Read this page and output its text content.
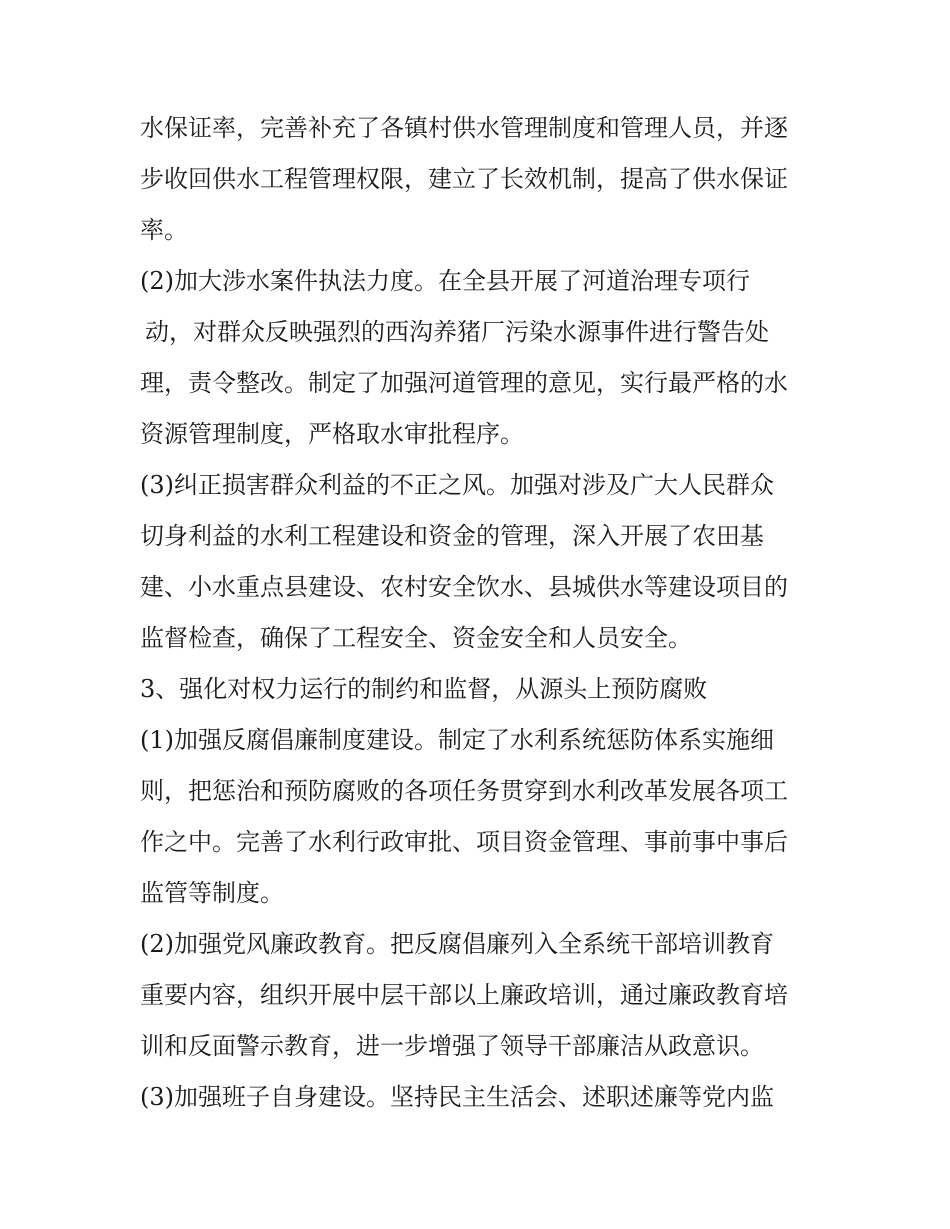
水保证率，完善补充了各镇村供水管理制度和管理人员，并逐
步收回供水工程管理权限，建立了长效机制，提高了供水保证
率。
(2)加大涉水案件执法力度。在全县开展了河道治理专项行
动，对群众反映强烈的西沟养猪厂污染水源事件进行警告处
理，责令整改。制定了加强河道管理的意见，实行最严格的水
资源管理制度，严格取水审批程序。
(3)纠正损害群众利益的不正之风。加强对涉及广大人民群众
切身利益的水利工程建设和资金的管理，深入开展了农田基
建、小水重点县建设、农村安全饮水、县城供水等建设项目的
监督检查，确保了工程安全、资金安全和人员安全。
3、强化对权力运行的制约和监督，从源头上预防腐败
(1)加强反腐倡廉制度建设。制定了水利系统惩防体系实施细
则，把惩治和预防腐败的各项任务贯穿到水利改革发展各项工
作之中。完善了水利行政审批、项目资金管理、事前事中事后
监管等制度。
(2)加强党风廉政教育。把反腐倡廉列入全系统干部培训教育
重要内容，组织开展中层干部以上廉政培训，通过廉政教育培
训和反面警示教育，进一步增强了领导干部廉洁从政意识。
(3)加强班子自身建设。坚持民主生活会、述职述廉等党内监
